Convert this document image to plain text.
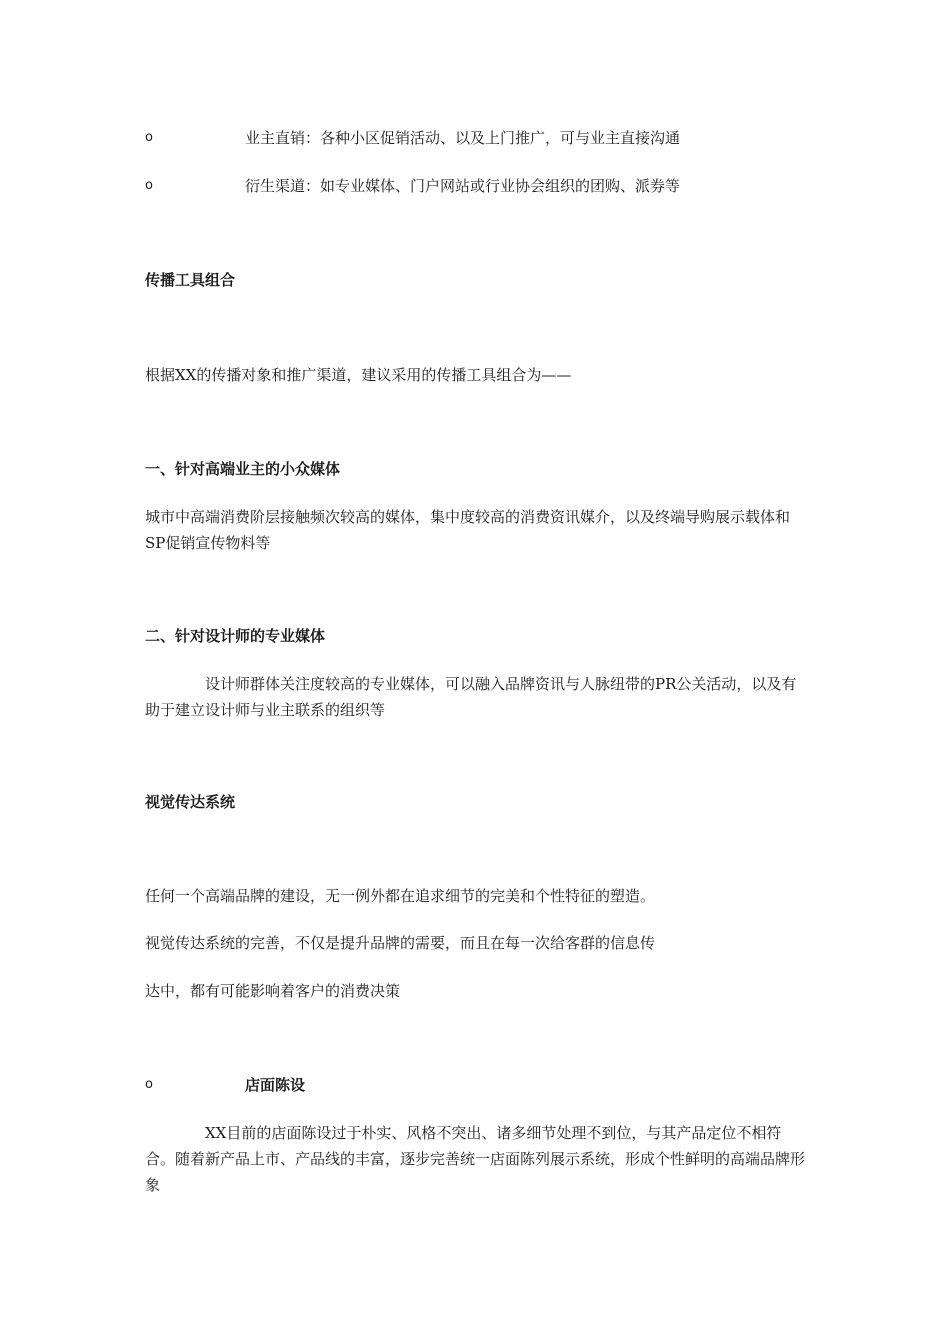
o	业主直销：各种小区促销活动、以及上门推广，可与业主直接沟通
o	衍生渠道：如专业媒体、门户网站或行业协会组织的团购、派券等
传播工具组合
根据XX的传播对象和推广渠道，建议采用的传播工具组合为——
一、针对高端业主的小众媒体
城市中高端消费阶层接触频次较高的媒体，集中度较高的消费资讯媒介，以及终端导购展示载体和SP促销宣传物料等
二、针对设计师的专业媒体
设计师群体关注度较高的专业媒体，可以融入品牌资讯与人脉纽带的PR公关活动，以及有助于建立设计师与业主联系的组织等
视觉传达系统
任何一个高端品牌的建设，无一例外都在追求细节的完美和个性特征的塑造。
视觉传达系统的完善，不仅是提升品牌的需要，而且在每一次给客群的信息传
达中，都有可能影响着客户的消费决策
o	店面陈设
XX目前的店面陈设过于朴实、风格不突出、诸多细节处理不到位，与其产品定位不相符合。随着新产品上市、产品线的丰富，逐步完善统一店面陈列展示系统，形成个性鲜明的高端品牌形象
